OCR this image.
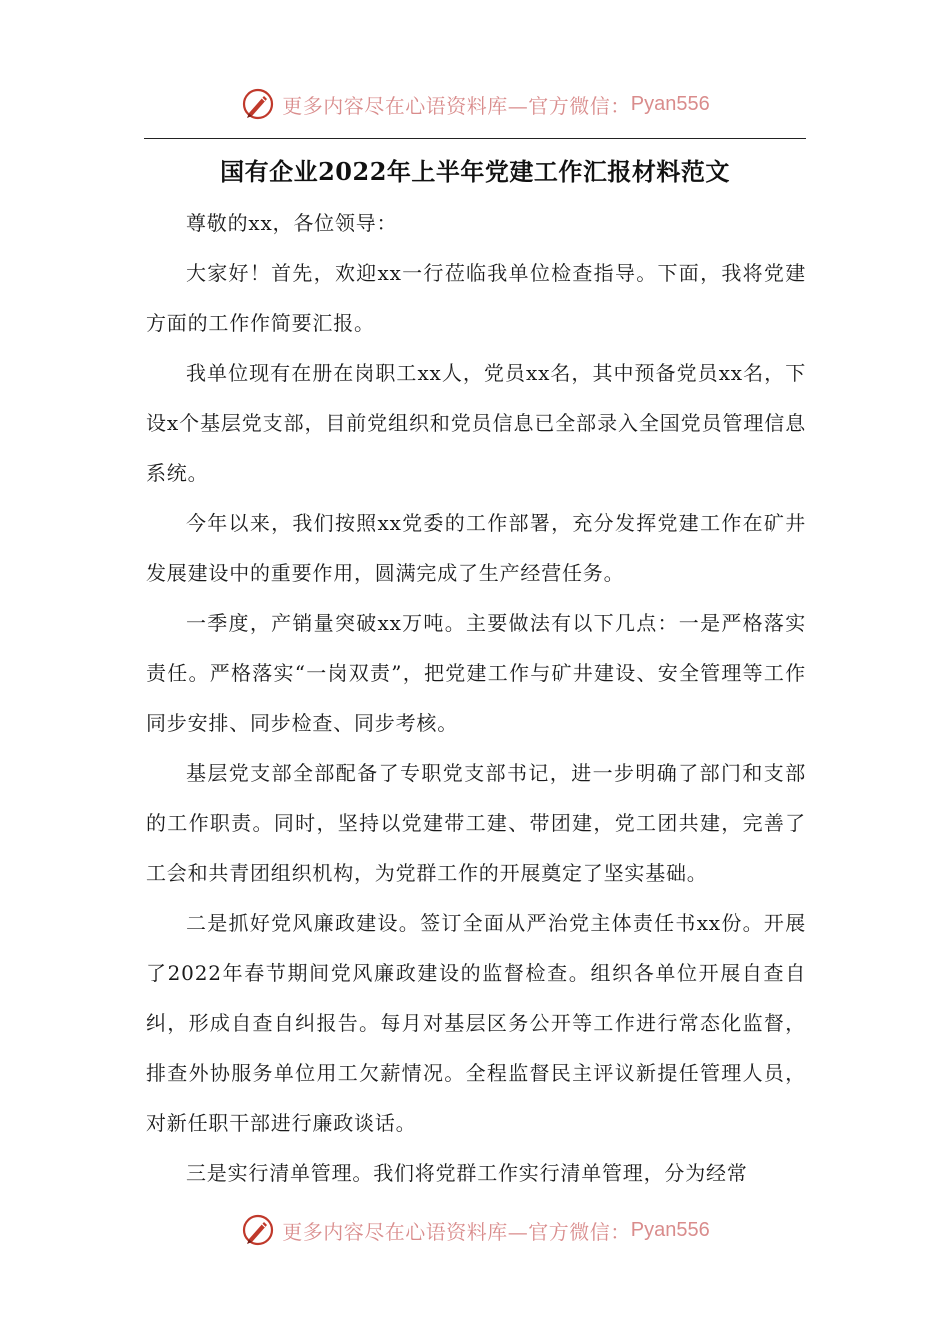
更多内容尽在心语资料库—官方微信： Pyan556
国有企业2022年上半年党建工作汇报材料范文

尊敬的xx，各位领导：

大家好！首先，欢迎xx一行莅临我单位检查指导。下面，我将党建方面的工作作简要汇报。

我单位现有在册在岗职工xx人，党员xx名，其中预备党员xx名，下设x个基层党支部，目前党组织和党员信息已全部录入全国党员管理信息系统。

今年以来，我们按照xx党委的工作部署，充分发挥党建工作在矿井发展建设中的重要作用，圆满完成了生产经营任务。

一季度，产销量突破xx万吨。主要做法有以下几点：一是严格落实责任。严格落实“一岗双责”，把党建工作与矿井建设、安全管理等工作同步安排、同步检查、同步考核。

基层党支部全部配备了专职党支部书记，进一步明确了部门和支部的工作职责。同时，坚持以党建带工建、带团建，党工团共建，完善了工会和共青团组织机构，为党群工作的开展奠定了坚实基础。

二是抓好党风廉政建设。签订全面从严治党主体责任书xx份。开展了2022年春节期间党风廉政建设的监督检查。组织各单位开展自查自纠，形成自查自纠报告。每月对基层区务公开等工作进行常态化监督，排查外协服务单位用工欠薪情况。全程监督民主评议新提任管理人员，对新任职干部进行廉政谈话。

三是实行清单管理。我们将党群工作实行清单管理，分为经常

更多内容尽在心语资料库—官方微信： Pyan556
